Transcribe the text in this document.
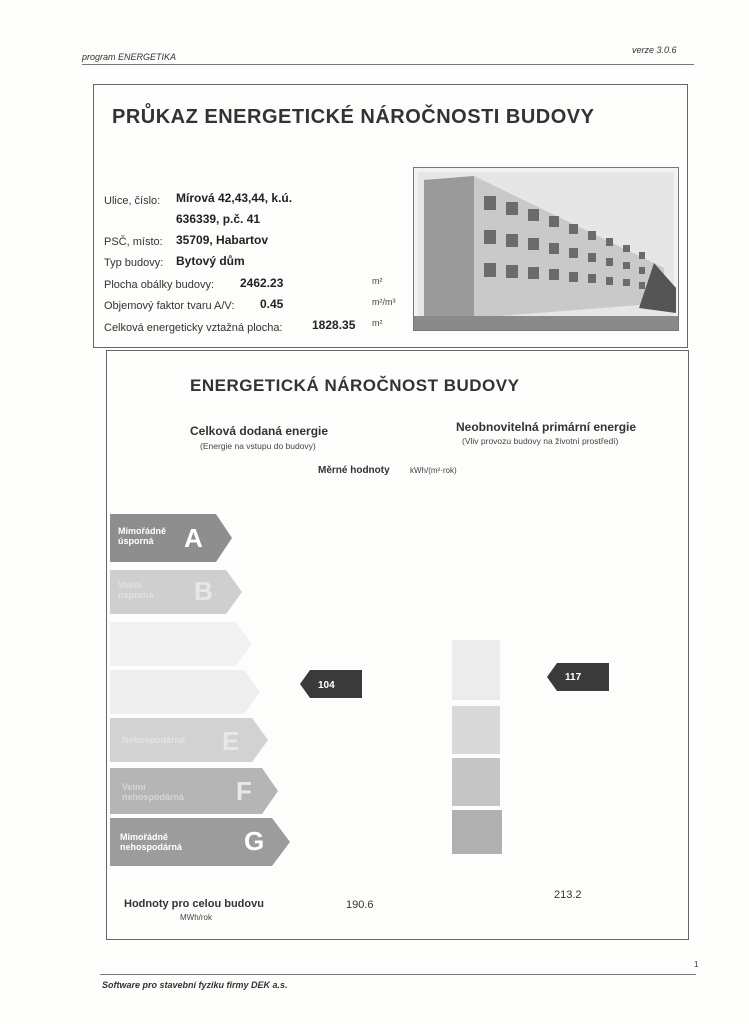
program ENERGETIKA
verze 3.0.6
PRŮKAZ ENERGETICKÉ NÁROČNOSTI BUDOVY
Ulice, číslo: Mírová 42,43,44, k.ú.
636339, p.č. 41
PSČ, místo: 35709, Habartov
Typ budovy: Bytový dům
Plocha obálky budovy: 2462.23	m²
Objemový faktor tvaru A/V: 0.45	m²/m³
Celková energeticky vztažná plocha: 1828.35 m²
ENERGETICKÁ NÁROČNOST BUDOVY
Celková dodaná energie
(Energie na vstupu do budovy)
Neobnovitelná primární energie
(Vliv provozu budovy na životní prostředí)
Měrné hodnoty	kWh/(m²·rok)
Mimořádně
úsporná	A
Velmi
úsporná B
Nehospodárná E
Velmi
nehospodárná F
Mimořádně
nehospodárná G
104
117
Hodnoty pro celou budovu
MWh/rok
190.6
213.2
Software pro stavební fyziku firmy DEK a.s.
1
